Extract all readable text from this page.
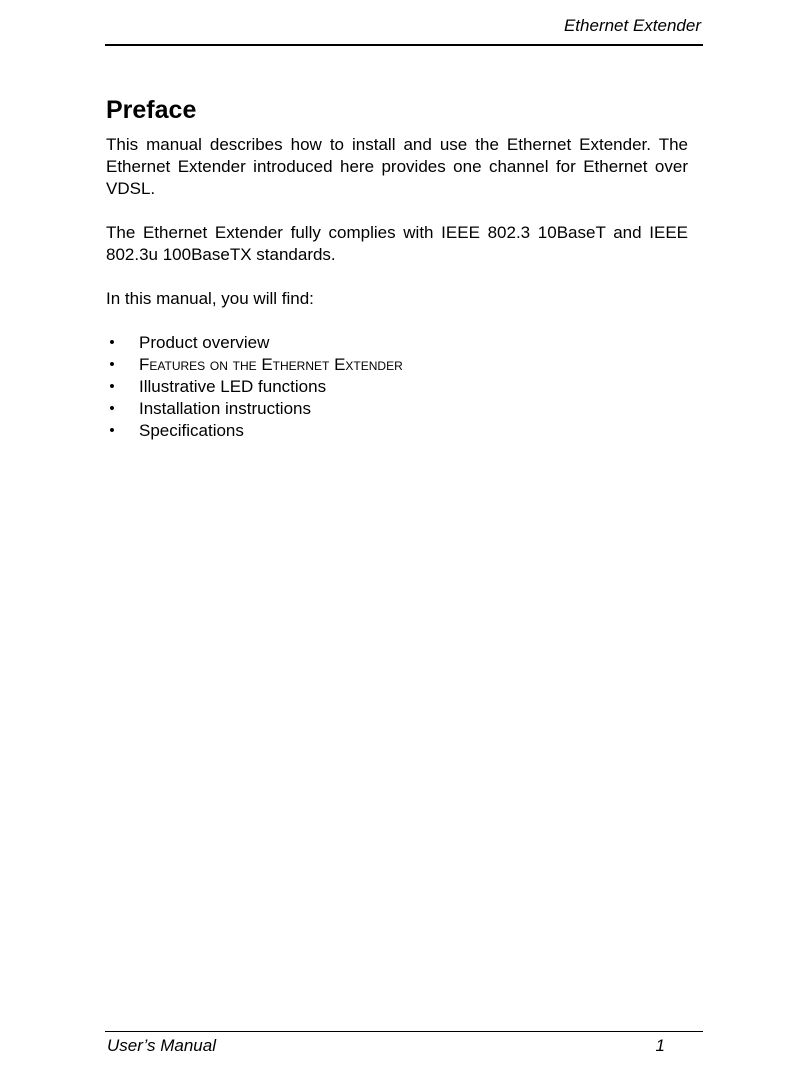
Ethernet Extender
Preface

This manual describes how to install and use the Ethernet Extender. The Ethernet Extender introduced here provides one channel for Ethernet over VDSL.

The Ethernet Extender fully complies with IEEE 802.3 10BaseT and IEEE 802.3u 100BaseTX standards.

In this manual, you will find:

• Product overview
• Features on the Ethernet Extender
• Illustrative LED functions
• Installation instructions
• Specifications
User’s Manual	1
